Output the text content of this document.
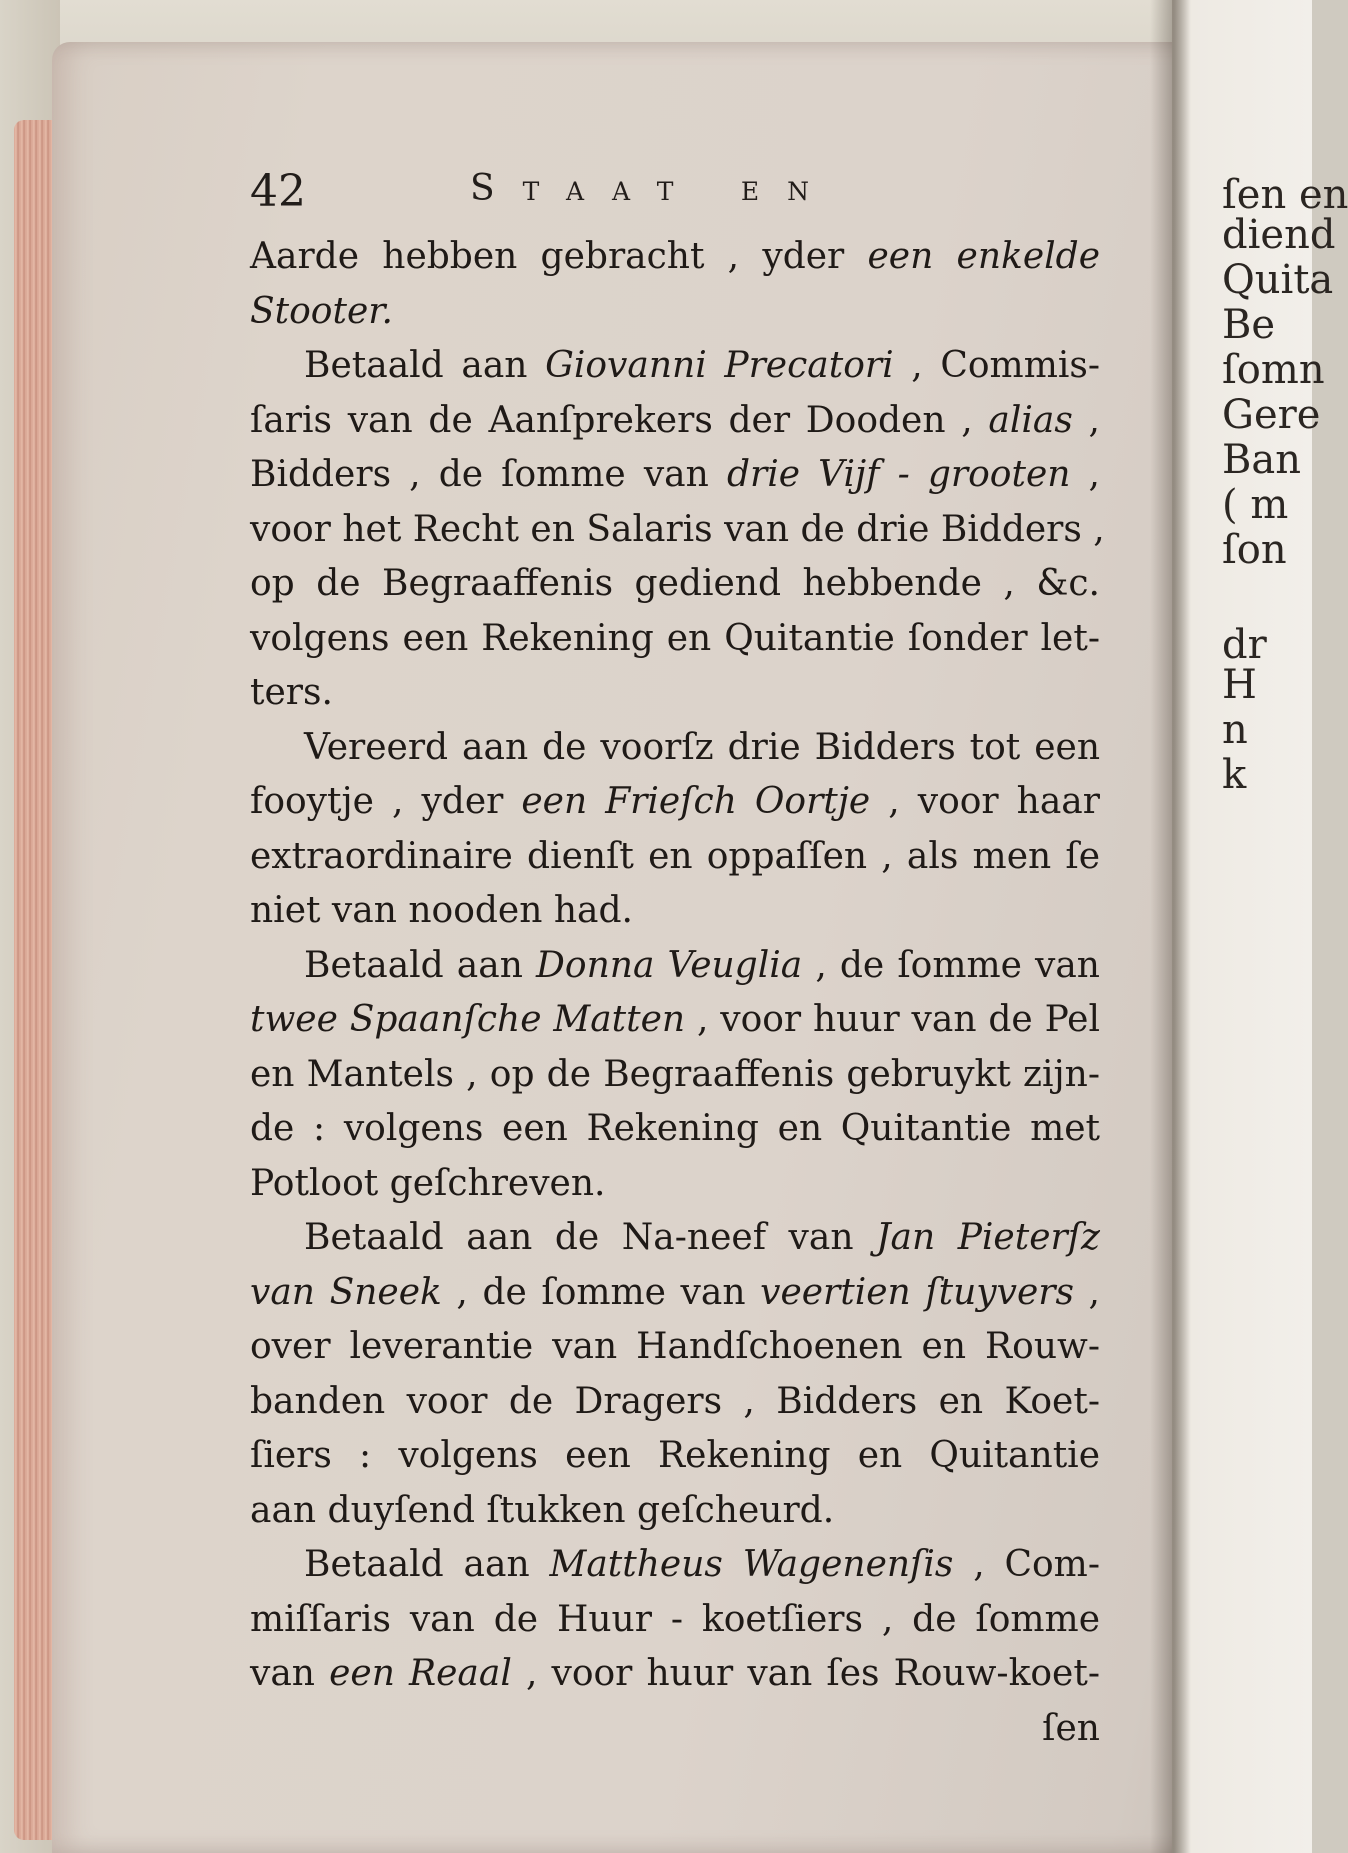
ſen en
diend
Quita
Be
ſomn
Gere
Ban
( m
ſon
dr
H
n
k
42	Staat en
Aarde hebben gebracht , yder een enkelde
Stooter.
Betaald aan Giovanni Precatori , Commis-
ſaris van de Aanſprekers der Dooden , alias ,
Bidders , de ſomme van drie Vijf - grooten ,
voor het Recht en Salaris van de drie Bidders ,
op de Begraaffenis gediend hebbende , &c.
volgens een Rekening en Quitantie ſonder let-
ters.
Vereerd aan de voorſz drie Bidders tot een
fooytje , yder een Frieſch Oortje , voor haar
extraordinaire dienſt en oppaſſen , als men ſe
niet van nooden had.
Betaald aan Donna Veuglia , de ſomme van
twee Spaanſche Matten , voor huur van de Pel
en Mantels , op de Begraaffenis gebruykt zijn-
de : volgens een Rekening en Quitantie met
Potloot geſchreven.
Betaald aan de Na-neef van Jan Pieterſz
van Sneek , de ſomme van veertien ſtuyvers ,
over leverantie van Handſchoenen en Rouw-
banden voor de Dragers , Bidders en Koet-
ſiers : volgens een Rekening en Quitantie
aan duyſend ſtukken geſcheurd.
Betaald aan Mattheus Wagenenſis , Com-
miſſaris van de Huur - koetſiers , de ſomme
van een Reaal , voor huur van ſes Rouw-koet-
ſen
